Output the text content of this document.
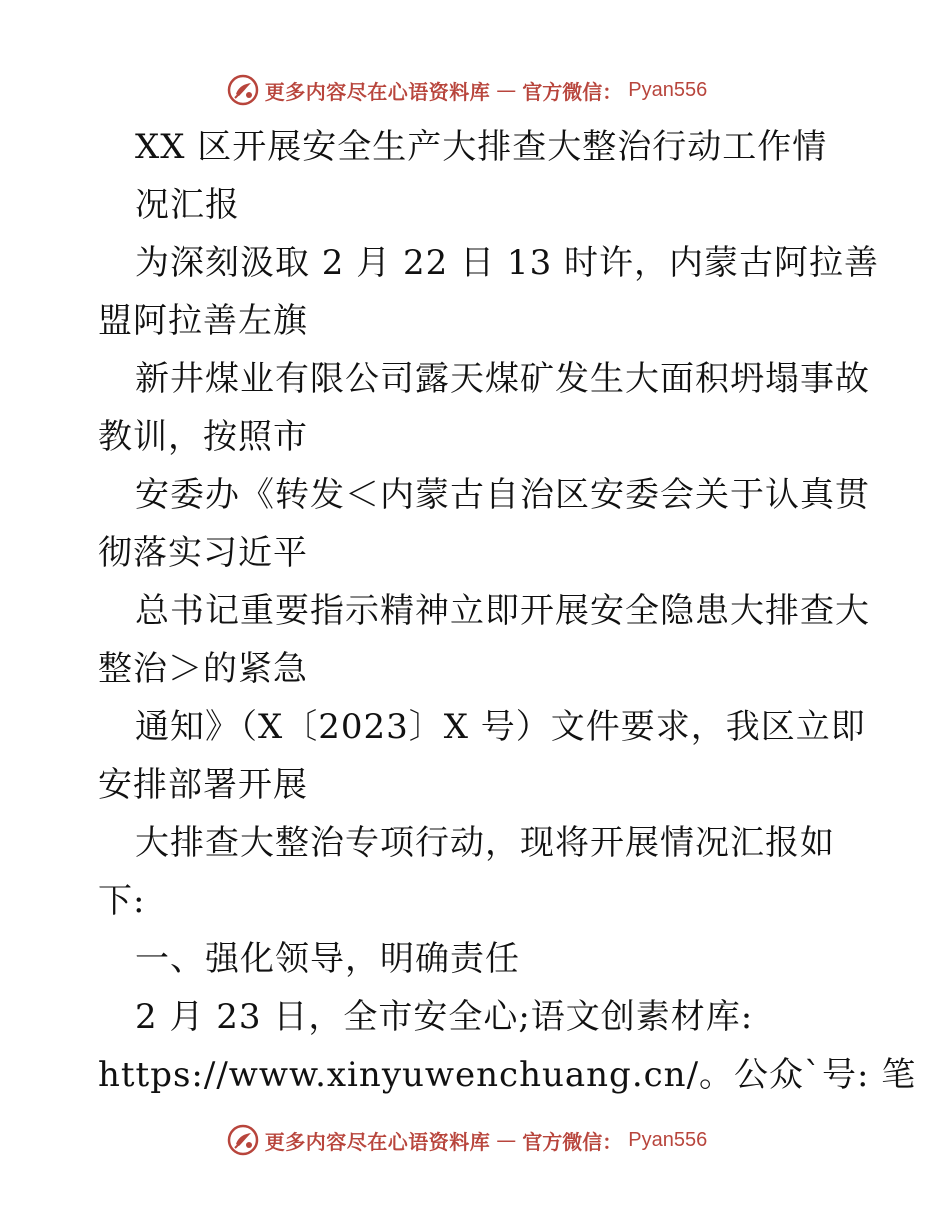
更多内容尽在心语资料库 — 官方微信： Pyan556
XX 区开展安全生产大排查大整治行动工作情
况汇报
为深刻汲取 2 月 22 日 13 时许，内蒙古阿拉善
盟阿拉善左旗
新井煤业有限公司露天煤矿发生大面积坍塌事故
教训，按照市
安委办《转发＜内蒙古自治区安委会关于认真贯
彻落实习近平
总书记重要指示精神立即开展安全隐患大排查大
整治＞的紧急
通知》（X〔2023〕X 号）文件要求，我区立即
安排部署开展
大排查大整治专项行动，现将开展情况汇报如
下:
一、强化领导，明确责任
2 月 23 日，全市安全心;语文创素材库:
https://www.xinyuwenchuang.cn/。公众`号: 笔
更多内容尽在心语资料库 — 官方微信： Pyan556
